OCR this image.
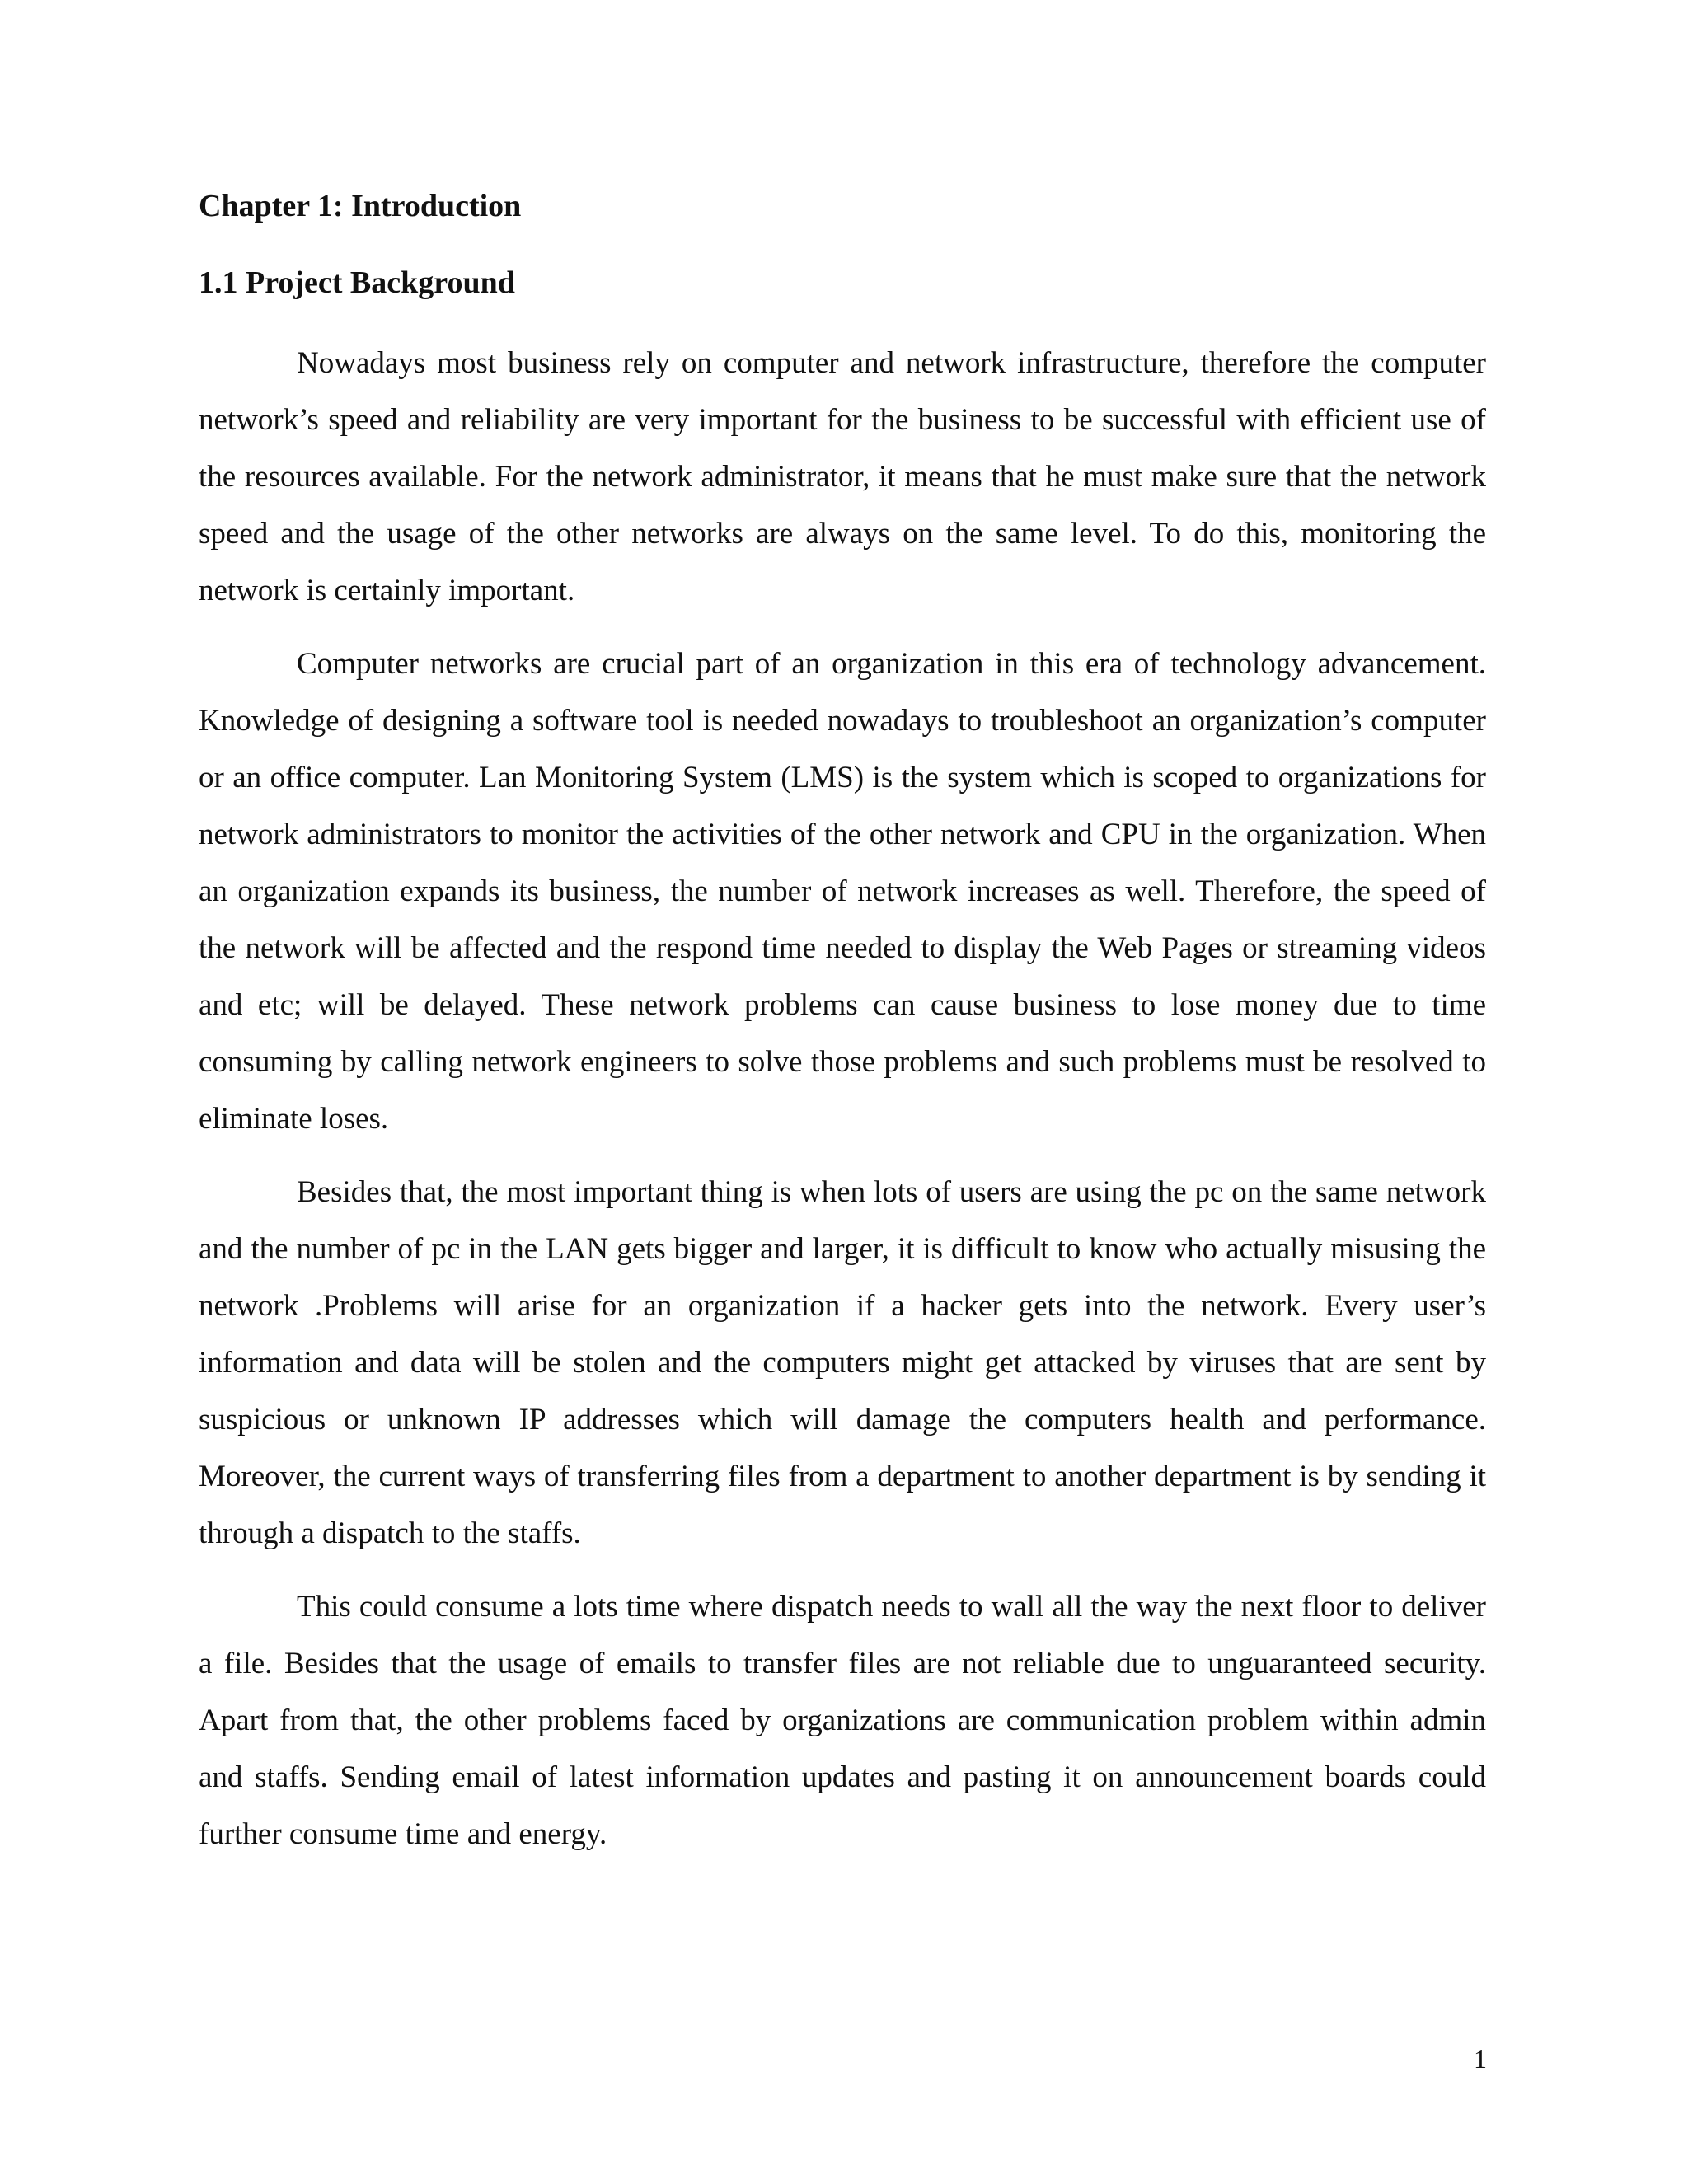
Chapter 1: Introduction
1.1 Project Background

Nowadays most business rely on computer and network infrastructure, therefore the computer network’s speed and reliability are very important for the business to be successful with efficient use of the resources available. For the network administrator, it means that he must make sure that the network speed and the usage of the other networks are always on the same level. To do this, monitoring the network is certainly important.

Computer networks are crucial part of an organization in this era of technology advancement. Knowledge of designing a software tool is needed nowadays to troubleshoot an organization’s computer or an office computer. Lan Monitoring System (LMS) is the system which is scoped to organizations for network administrators to monitor the activities of the other network and CPU in the organization. When an organization expands its business, the number of network increases as well. Therefore, the speed of the network will be affected and the respond time needed to display the Web Pages or streaming videos and etc; will be delayed. These network problems can cause business to lose money due to time consuming by calling network engineers to solve those problems and such problems must be resolved to eliminate loses.

Besides that, the most important thing is when lots of users are using the pc on the same network and the number of pc in the LAN gets bigger and larger, it is difficult to know who actually misusing the network .Problems will arise for an organization if a hacker gets into the network. Every user’s information and data will be stolen and the computers might get attacked by viruses that are sent by suspicious or unknown IP addresses which will damage the computers health and performance. Moreover, the current ways of transferring files from a department to another department is by sending it through a dispatch to the staffs.

This could consume a lots time where dispatch needs to wall all the way the next floor to deliver a file. Besides that the usage of emails to transfer files are not reliable due to unguaranteed security. Apart from that, the other problems faced by organizations are communication problem within admin and staffs. Sending email of latest information updates and pasting it on announcement boards could further consume time and energy.

1
